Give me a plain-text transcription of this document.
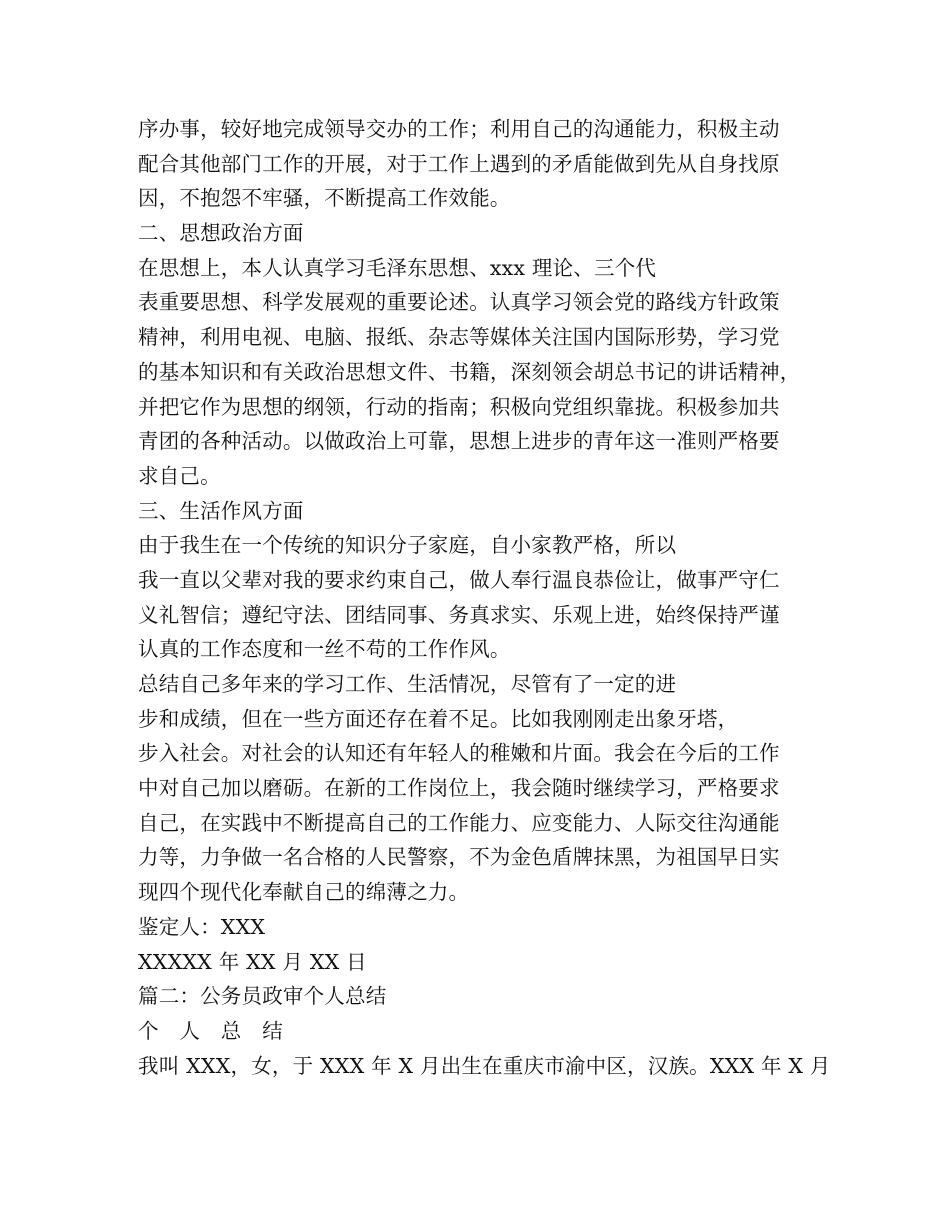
序办事，较好地完成领导交办的工作；利用自己的沟通能力，积极主动
配合其他部门工作的开展，对于工作上遇到的矛盾能做到先从自身找原
因，不抱怨不牢骚，不断提高工作效能。
二、思想政治方面
在思想上，本人认真学习毛泽东思想、xxx 理论、三个代
表重要思想、科学发展观的重要论述。认真学习领会党的路线方针政策
精神，利用电视、电脑、报纸、杂志等媒体关注国内国际形势，学习党
的基本知识和有关政治思想文件、书籍，深刻领会胡总书记的讲话精神，
并把它作为思想的纲领，行动的指南；积极向党组织靠拢。积极参加共
青团的各种活动。以做政治上可靠，思想上进步的青年这一准则严格要
求自己。
三、生活作风方面
由于我生在一个传统的知识分子家庭，自小家教严格，所以
我一直以父辈对我的要求约束自己，做人奉行温良恭俭让，做事严守仁
义礼智信；遵纪守法、团结同事、务真求实、乐观上进，始终保持严谨
认真的工作态度和一丝不苟的工作作风。
总结自己多年来的学习工作、生活情况，尽管有了一定的进
步和成绩，但在一些方面还存在着不足。比如我刚刚走出象牙塔，
步入社会。对社会的认知还有年轻人的稚嫩和片面。我会在今后的工作
中对自己加以磨砺。在新的工作岗位上，我会随时继续学习，严格要求
自己，在实践中不断提高自己的工作能力、应变能力、人际交往沟通能
力等，力争做一名合格的人民警察，不为金色盾牌抹黑，为祖国早日实
现四个现代化奉献自己的绵薄之力。
鉴定人：XXX
XXXXX 年 XX 月 XX 日
篇二：公务员政审个人总结
个　人　总　结
我叫 XXX，女，于 XXX 年 X 月出生在重庆市渝中区，汉族。XXX 年 X 月
